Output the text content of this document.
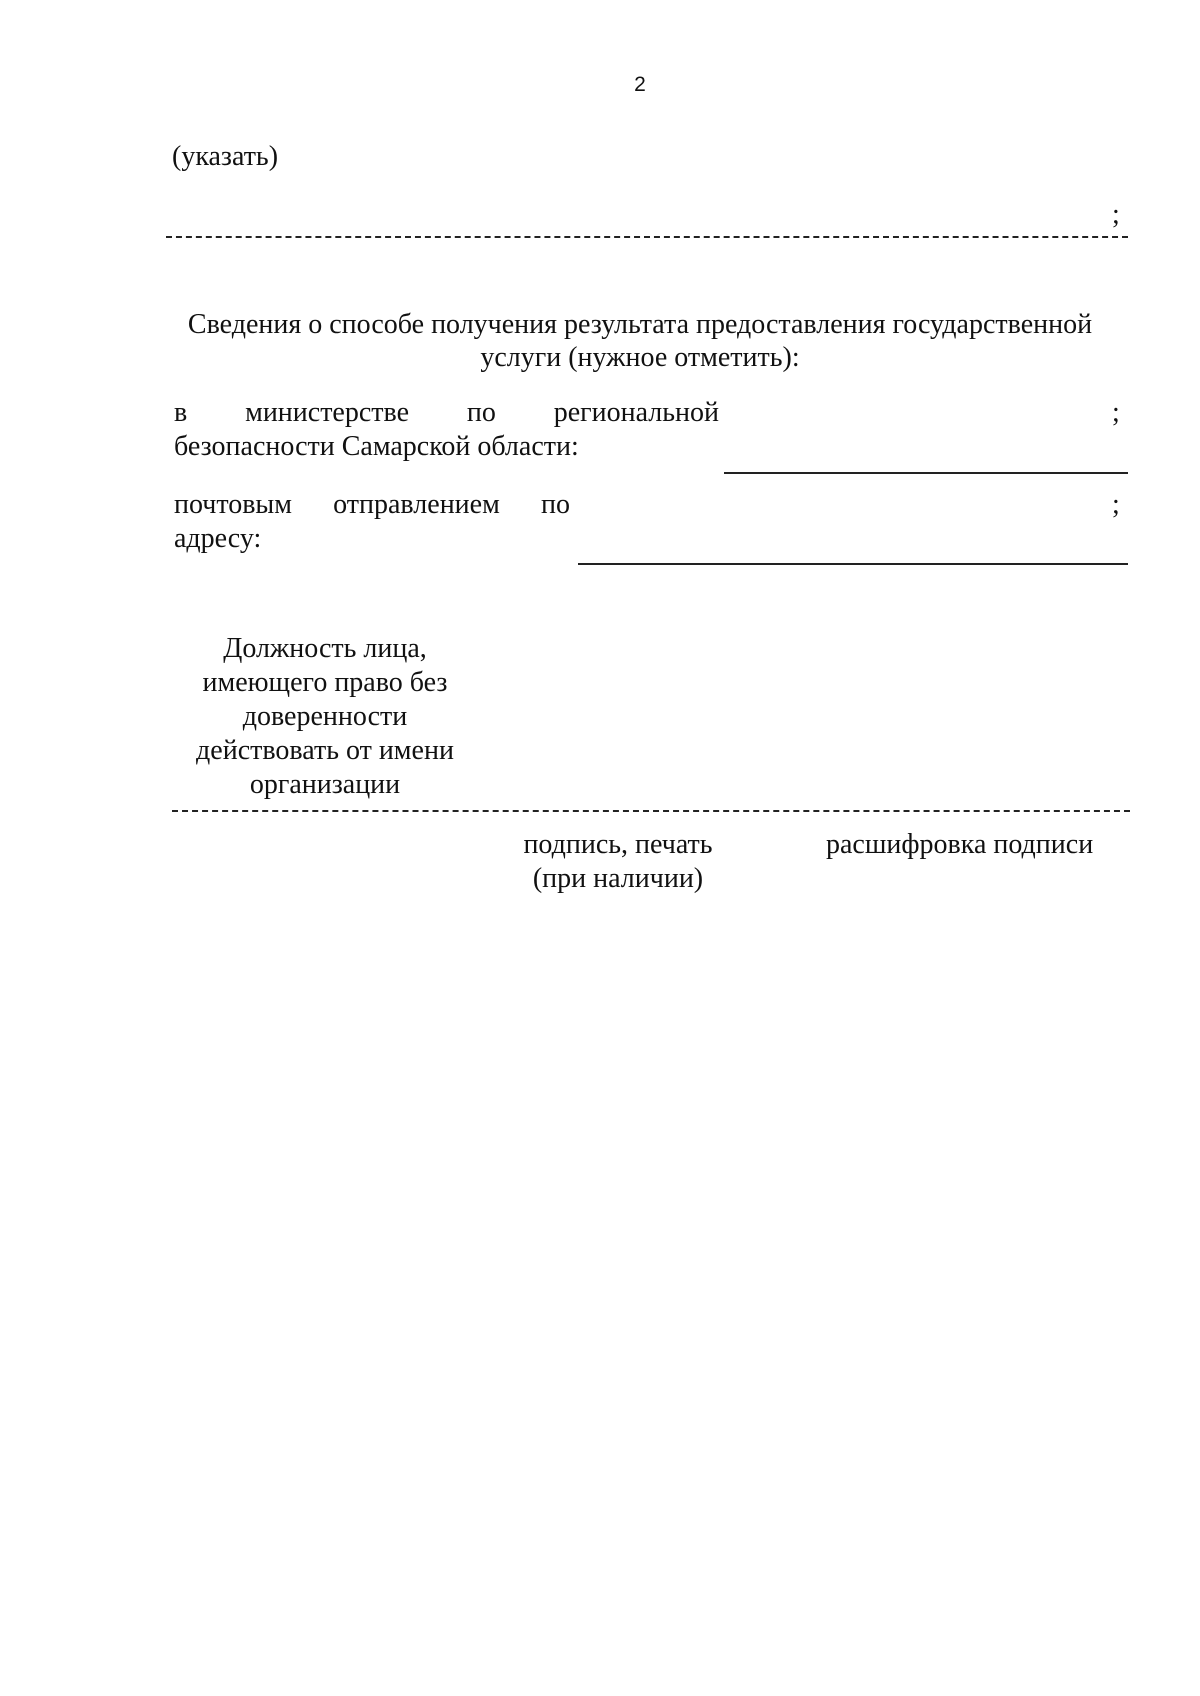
2
(указать)
;
Сведения о способе получения результата предоставления государственной
услуги (нужное отметить):
в министерстве по региональной
безопасности Самарской области:
;
почтовым отправлением по
адресу:
;
Должность лица,
имеющего право без
доверенности
действовать от имени
организации
подпись, печать
(при наличии)
расшифровка подписи
